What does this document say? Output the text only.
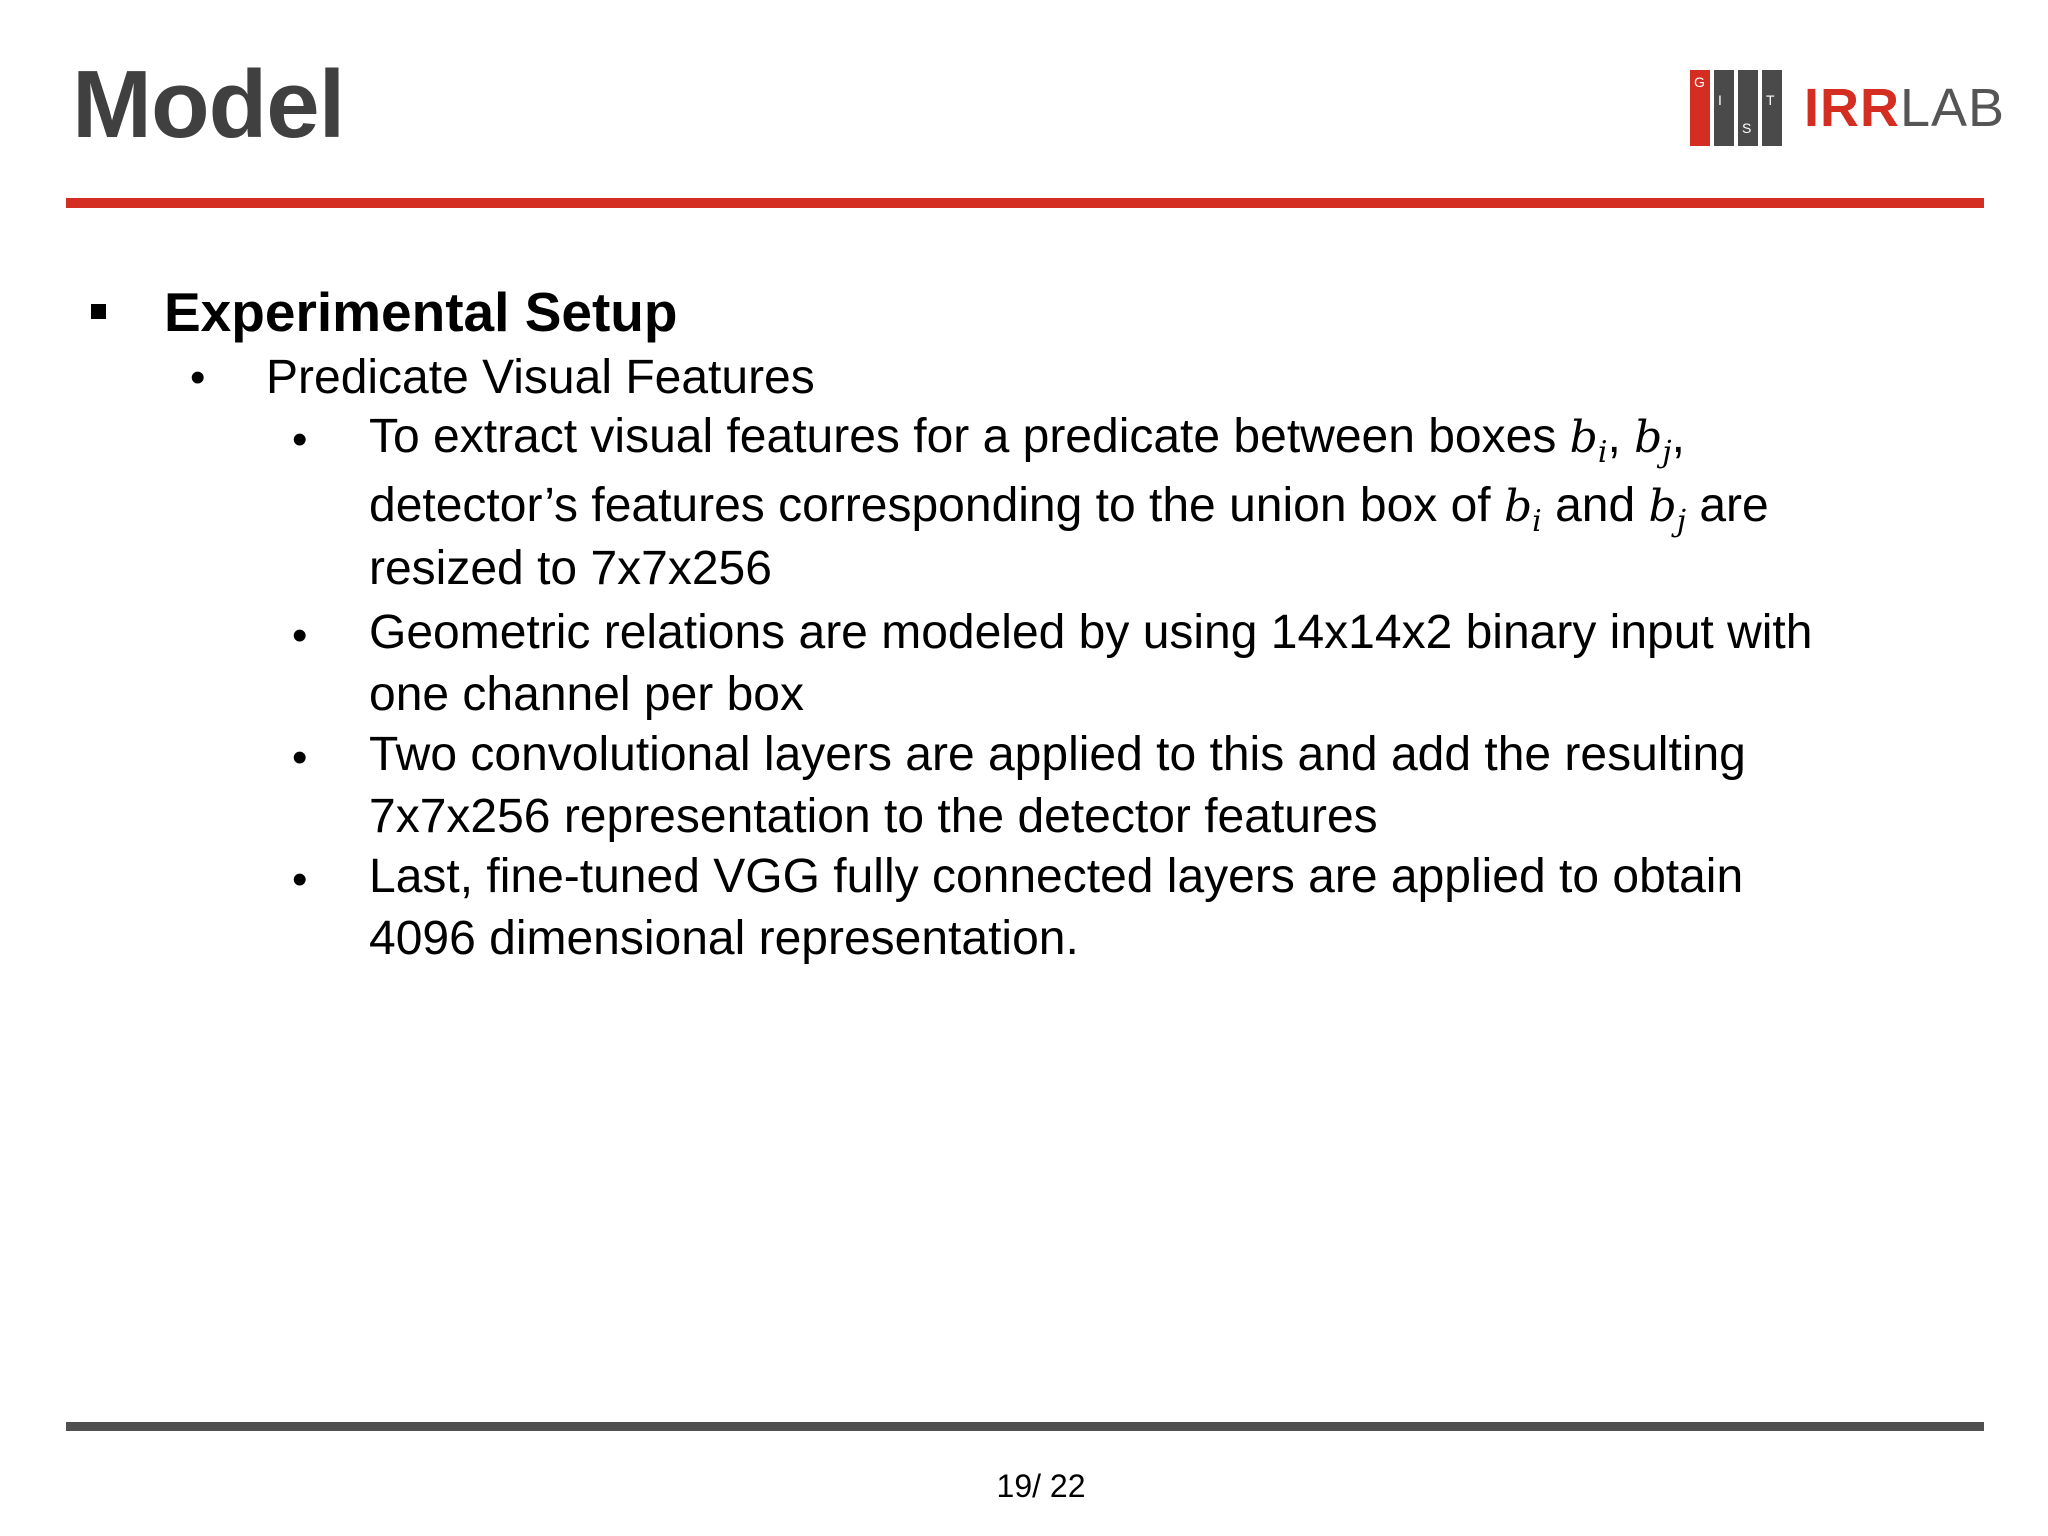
Model	G
I
S
T IRRLAB
Experimental Setup
• Predicate Visual Features
• To extract visual features for a predicate between boxes $b_i$, $b_j$,
detector’s features corresponding to the union box of $b_i$ and $b_j$ are
resized to 7x7x256
• Geometric relations are modeled by using 14x14x2 binary input with
one channel per box
• Two convolutional layers are applied to this and add the resulting
7x7x256 representation to the detector features
• Last, fine-tuned VGG fully connected layers are applied to obtain
4096 dimensional representation.
19/ 22
